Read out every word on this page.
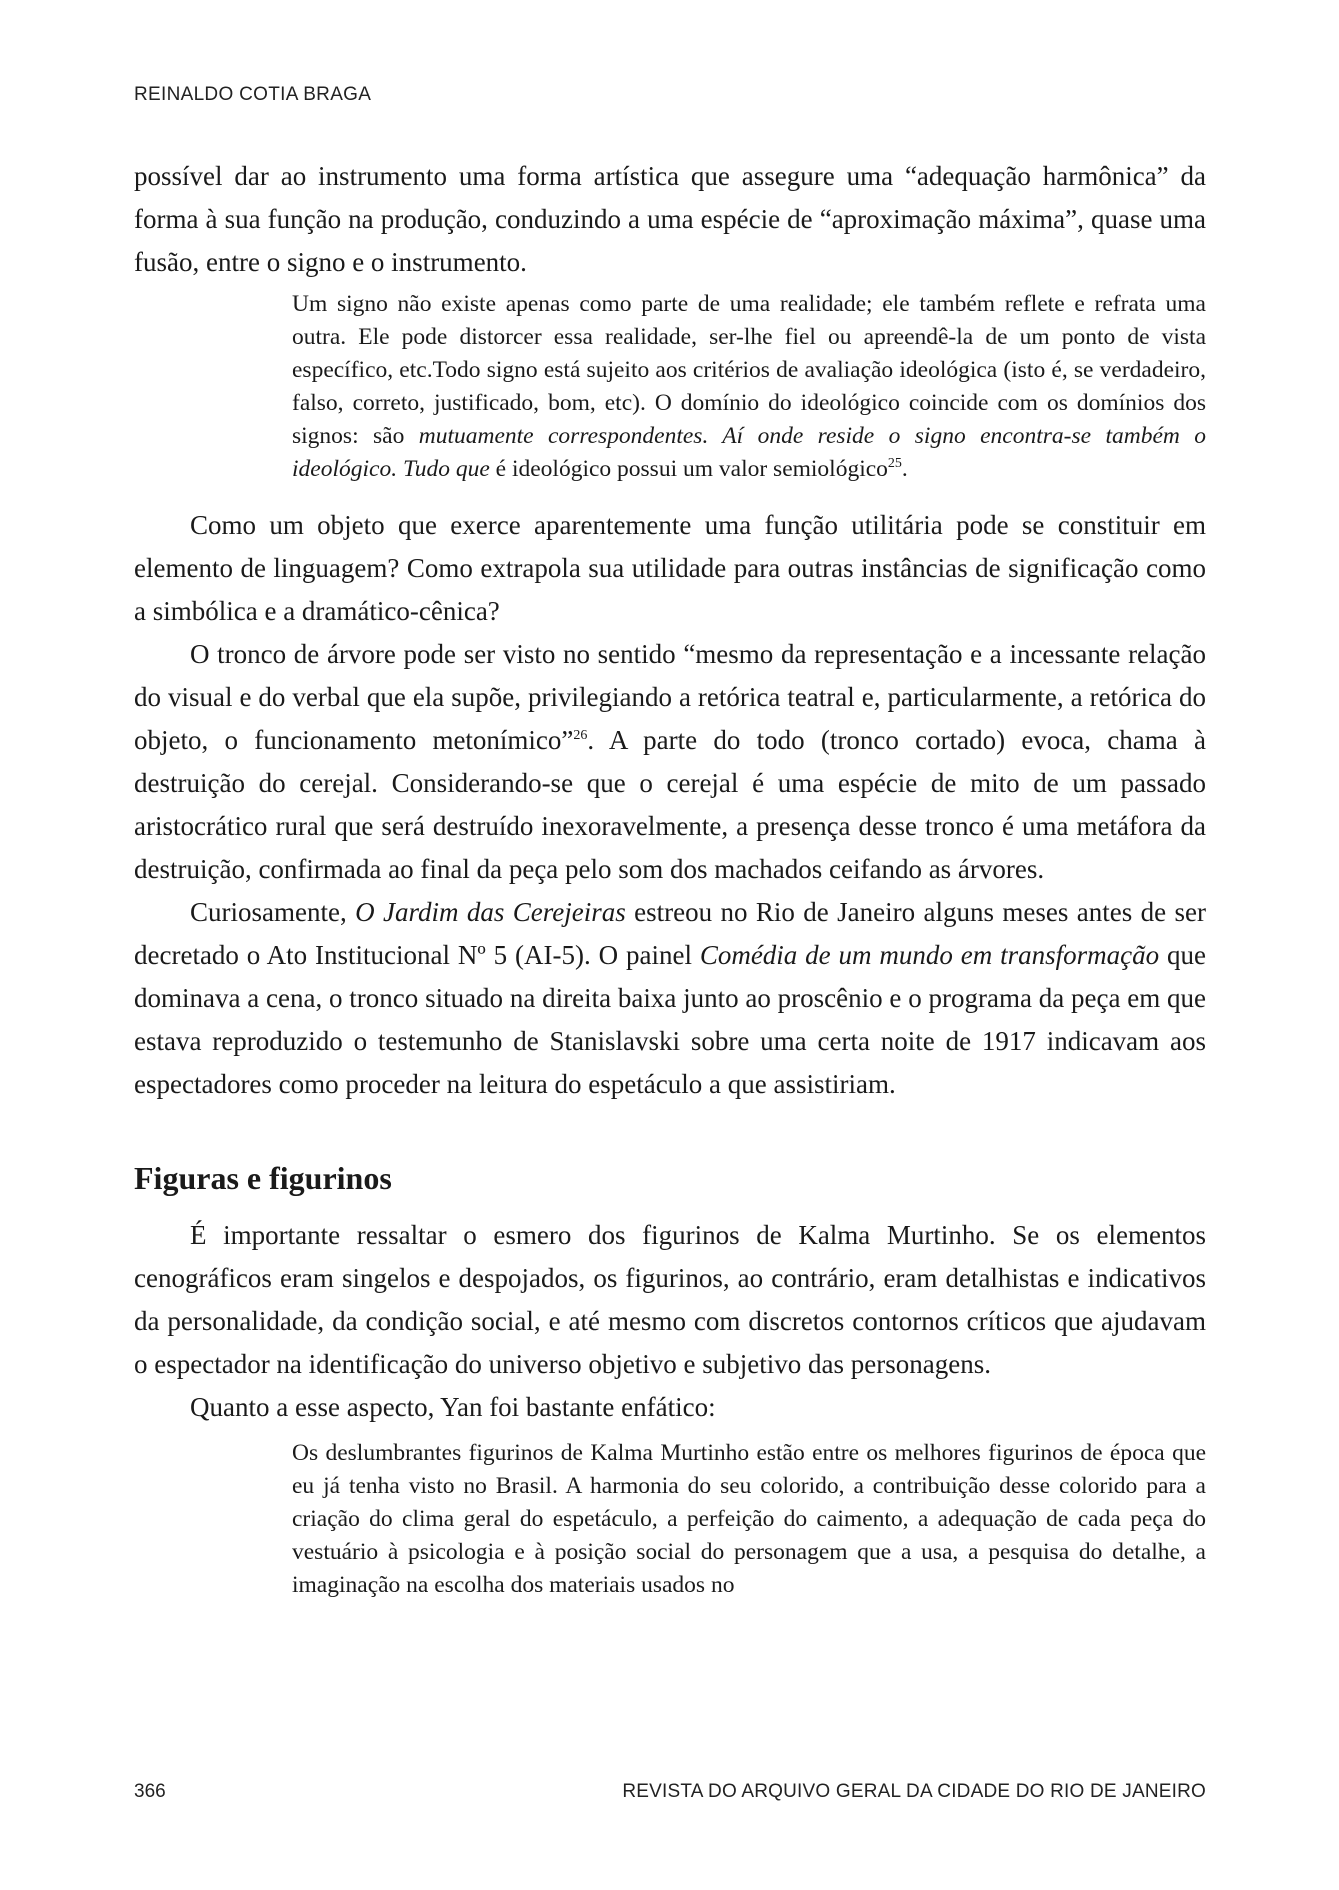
REINALDO COTIA BRAGA

possível dar ao instrumento uma forma artística que assegure uma “adequação harmônica” da forma à sua função na produção, conduzindo a uma espécie de “aproximação máxima”, quase uma fusão, entre o signo e o instrumento.

Um signo não existe apenas como parte de uma realidade; ele também reflete e refrata uma outra. Ele pode distorcer essa realidade, ser-lhe fiel ou apreendê-la de um ponto de vista específico, etc.Todo signo está sujeito aos critérios de avaliação ideológica (isto é, se verdadeiro, falso, correto, justificado, bom, etc). O domínio do ideológico coincide com os domínios dos signos: são mutuamente correspondentes. Aí onde reside o signo encontra-se também o ideológico. Tudo que é ideológico possui um valor semiológico$^{25}$.

Como um objeto que exerce aparentemente uma função utilitária pode se constituir em elemento de linguagem? Como extrapola sua utilidade para outras instâncias de significação como a simbólica e a dramático-cênica?

O tronco de árvore pode ser visto no sentido “mesmo da representação e a incessante relação do visual e do verbal que ela supõe, privilegiando a retórica teatral e, particularmente, a retórica do objeto, o funcionamento metonímico”$^{26}$. A parte do todo (tronco cortado) evoca, chama à destruição do cerejal. Considerando-se que o cerejal é uma espécie de mito de um passado aristocrático rural que será destruído inexoravelmente, a presença desse tronco é uma metáfora da destruição, confirmada ao final da peça pelo som dos machados ceifando as árvores.

Curiosamente, O Jardim das Cerejeiras estreou no Rio de Janeiro alguns meses antes de ser decretado o Ato Institucional Nº 5 (AI-5). O painel Comédia de um mundo em transformação que dominava a cena, o tronco situado na direita baixa junto ao proscênio e o programa da peça em que estava reproduzido o testemunho de Stanislavski sobre uma certa noite de 1917 indicavam aos espectadores como proceder na leitura do espetáculo a que assistiriam.

Figuras e figurinos

É importante ressaltar o esmero dos figurinos de Kalma Murtinho. Se os elementos cenográficos eram singelos e despojados, os figurinos, ao contrário, eram detalhistas e indicativos da personalidade, da condição social, e até mesmo com discretos contornos críticos que ajudavam o espectador na identificação do universo objetivo e subjetivo das personagens.

Quanto a esse aspecto, Yan foi bastante enfático:

Os deslumbrantes figurinos de Kalma Murtinho estão entre os melhores figurinos de época que eu já tenha visto no Brasil. A harmonia do seu colorido, a contribuição desse colorido para a criação do clima geral do espetáculo, a perfeição do caimento, a adequação de cada peça do vestuário à psicologia e à posição social do personagem que a usa, a pesquisa do detalhe, a imaginação na escolha dos materiais usados no
366	REVISTA DO ARQUIVO GERAL DA CIDADE DO RIO DE JANEIRO
